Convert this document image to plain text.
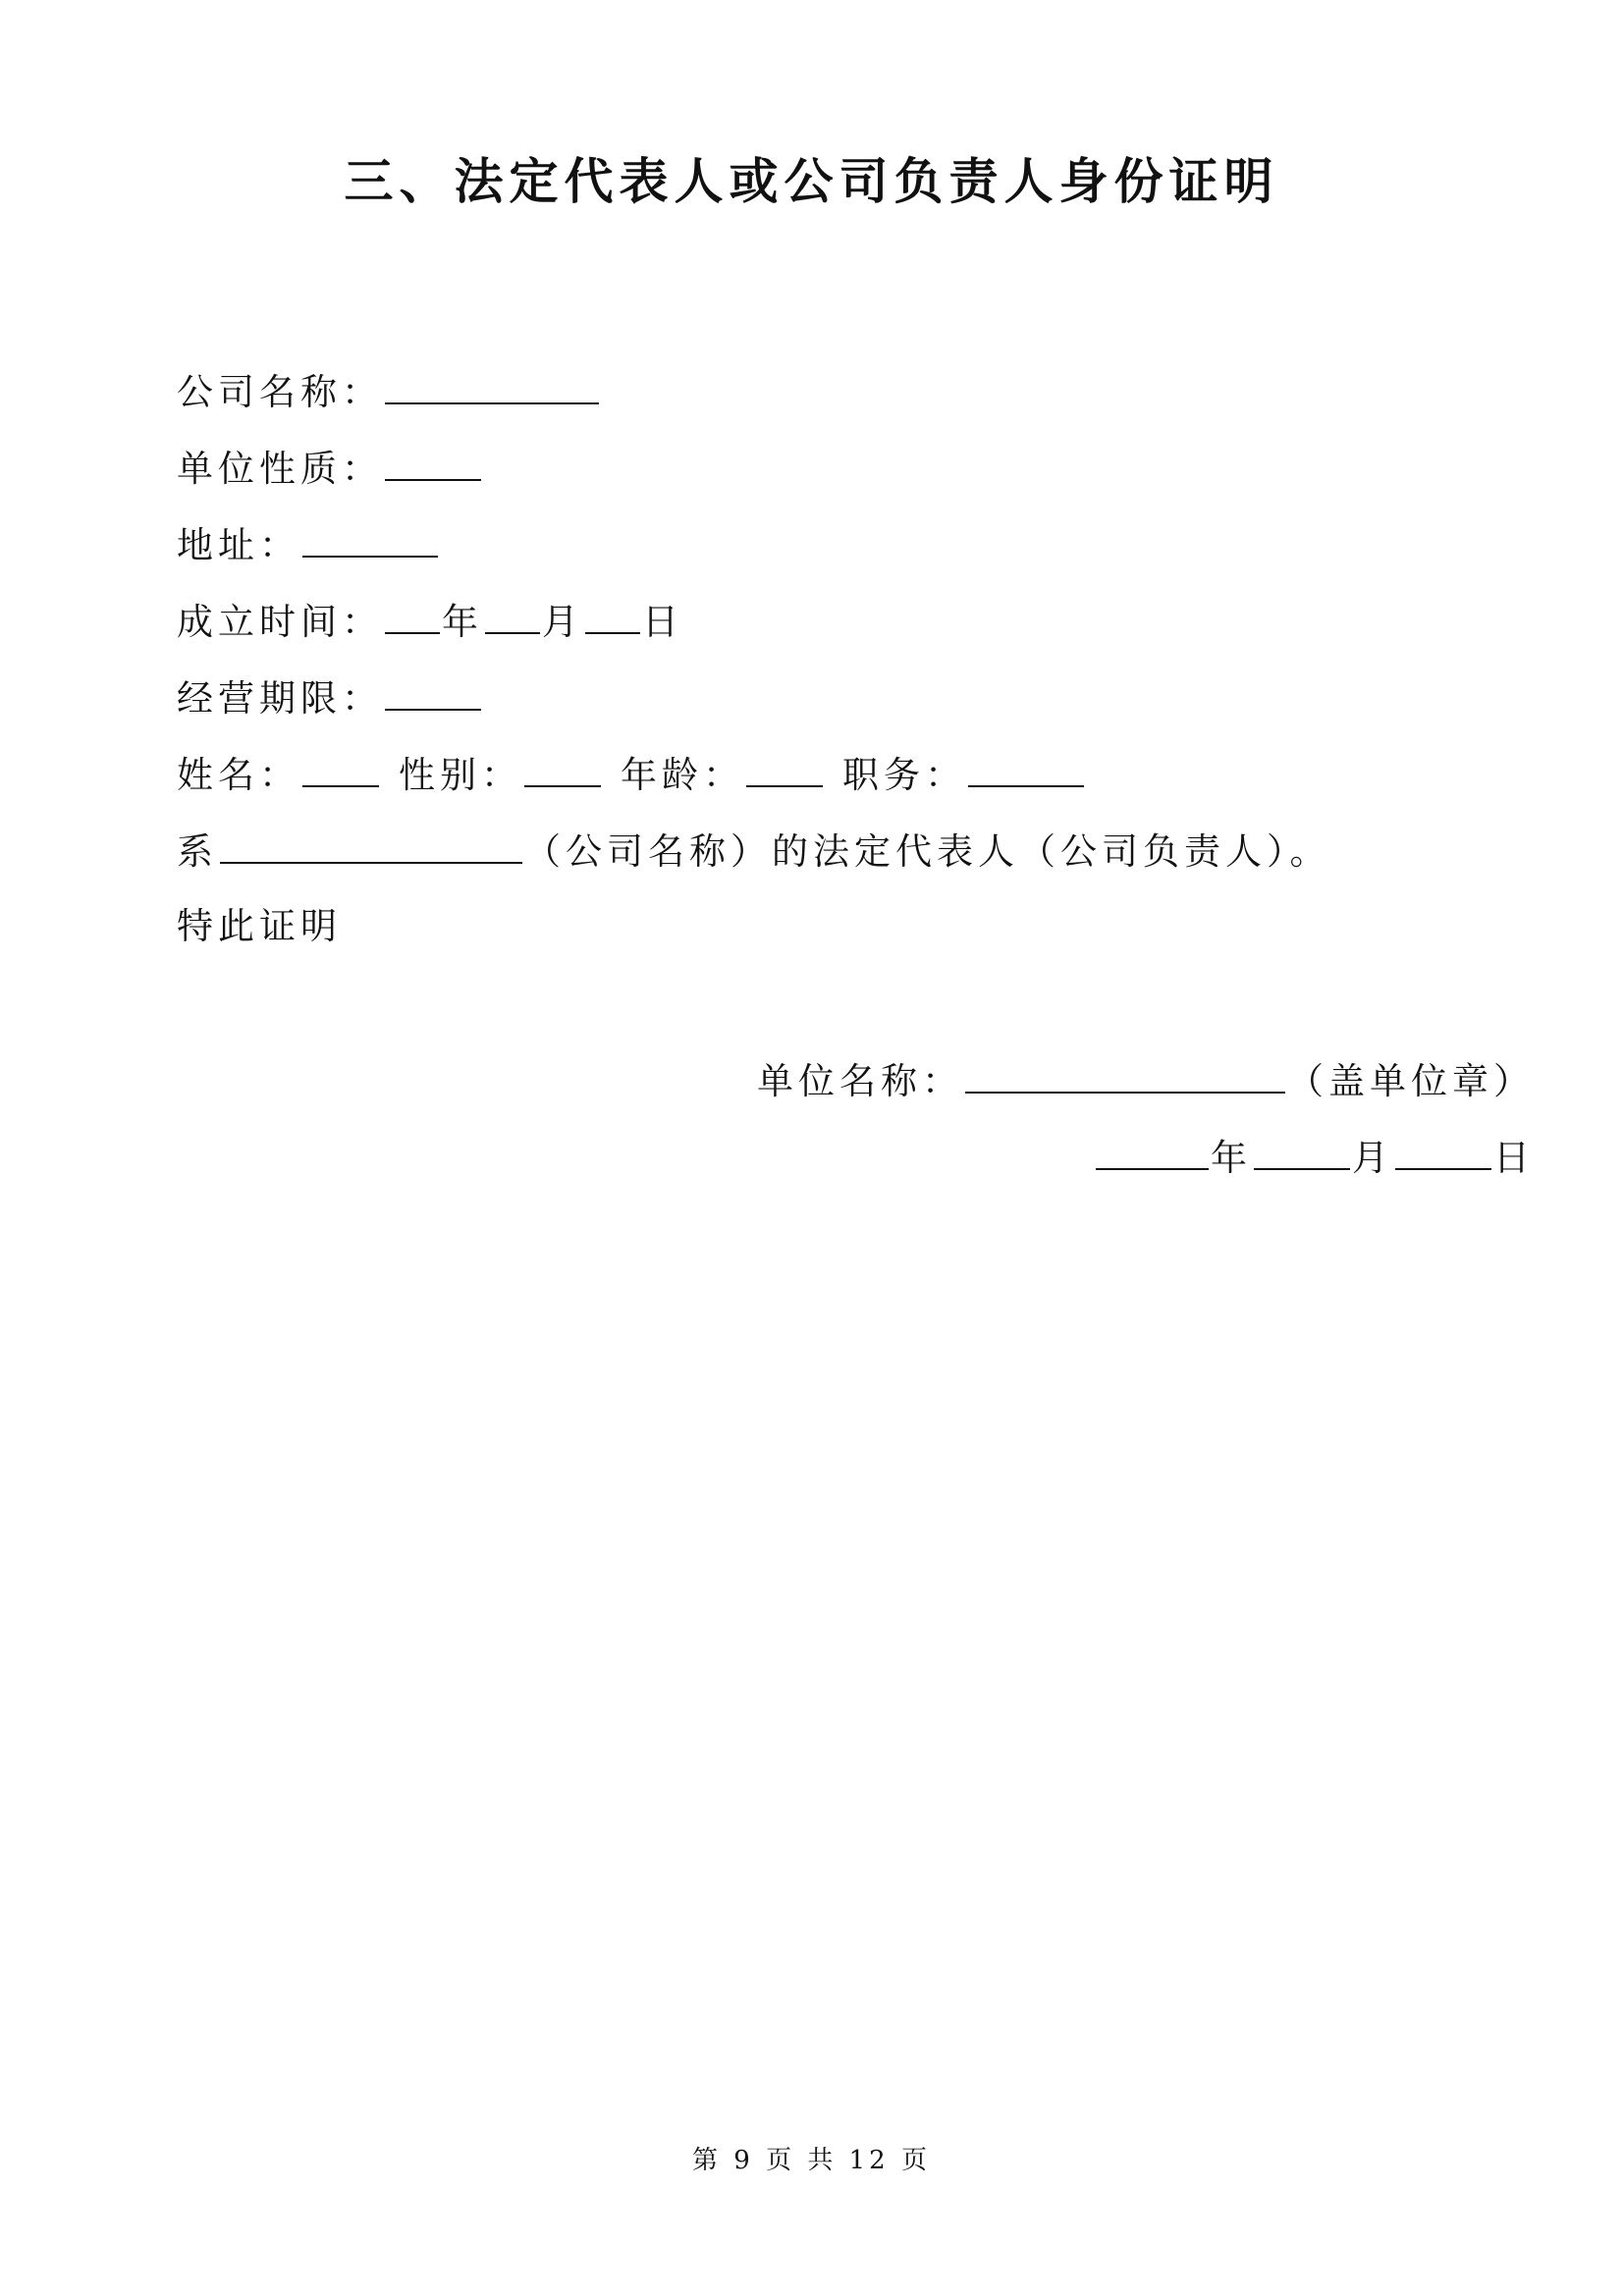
三、法定代表人或公司负责人身份证明
公司名称：
单位性质：
地址：
成立时间： 年 月 日
经营期限：
姓名：	性别：	年龄：	职务：
系	（公司名称）的法定代表人（公司负责人）。
特此证明
单位名称：	（盖单位章）
年	月	日
第 9 页 共 12 页
